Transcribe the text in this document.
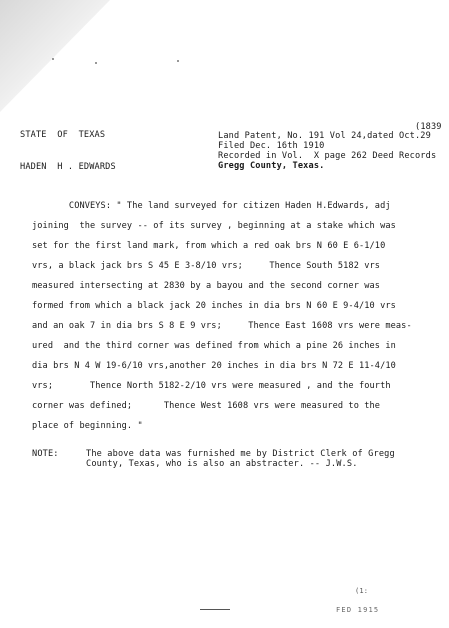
(1839
STATE  OF  TEXAS
HADEN  H . EDWARDS
Land Patent, No. 191 Vol 24,dated Oct.29
Filed Dec. 16th 1910
Recorded in Vol.  X page 262 Deed Records
Gregg County, Texas.
CONVEYS: " The land surveyed for citizen Haden H.Edwards, adj
joining  the survey -- of its survey , beginning at a stake which was
set for the first land mark, from which a red oak brs N 60 E 6-1/10
vrs, a black jack brs S 45 E 3-8/10 vrs;     Thence South 5182 vrs
measured intersecting at 2830 by a bayou and the second corner was
formed from which a black jack 20 inches in dia brs N 60 E 9-4/10 vrs
and an oak 7 in dia brs S 8 E 9 vrs;     Thence East 1608 vrs were meas-
ured  and the third corner was defined from which a pine 26 inches in
dia brs N 4 W 19-6/10 vrs,another 20 inches in dia brs N 72 E 11-4/10
vrs;       Thence North 5182-2/10 vrs were measured , and the fourth
corner was defined;      Thence West 1608 vrs were measured to the
place of beginning. "
NOTE:	The above data was furnished me by District Clerk of Gregg
County, Texas, who is also an abstracter. -- J.W.S.
(1:
FED 1915
